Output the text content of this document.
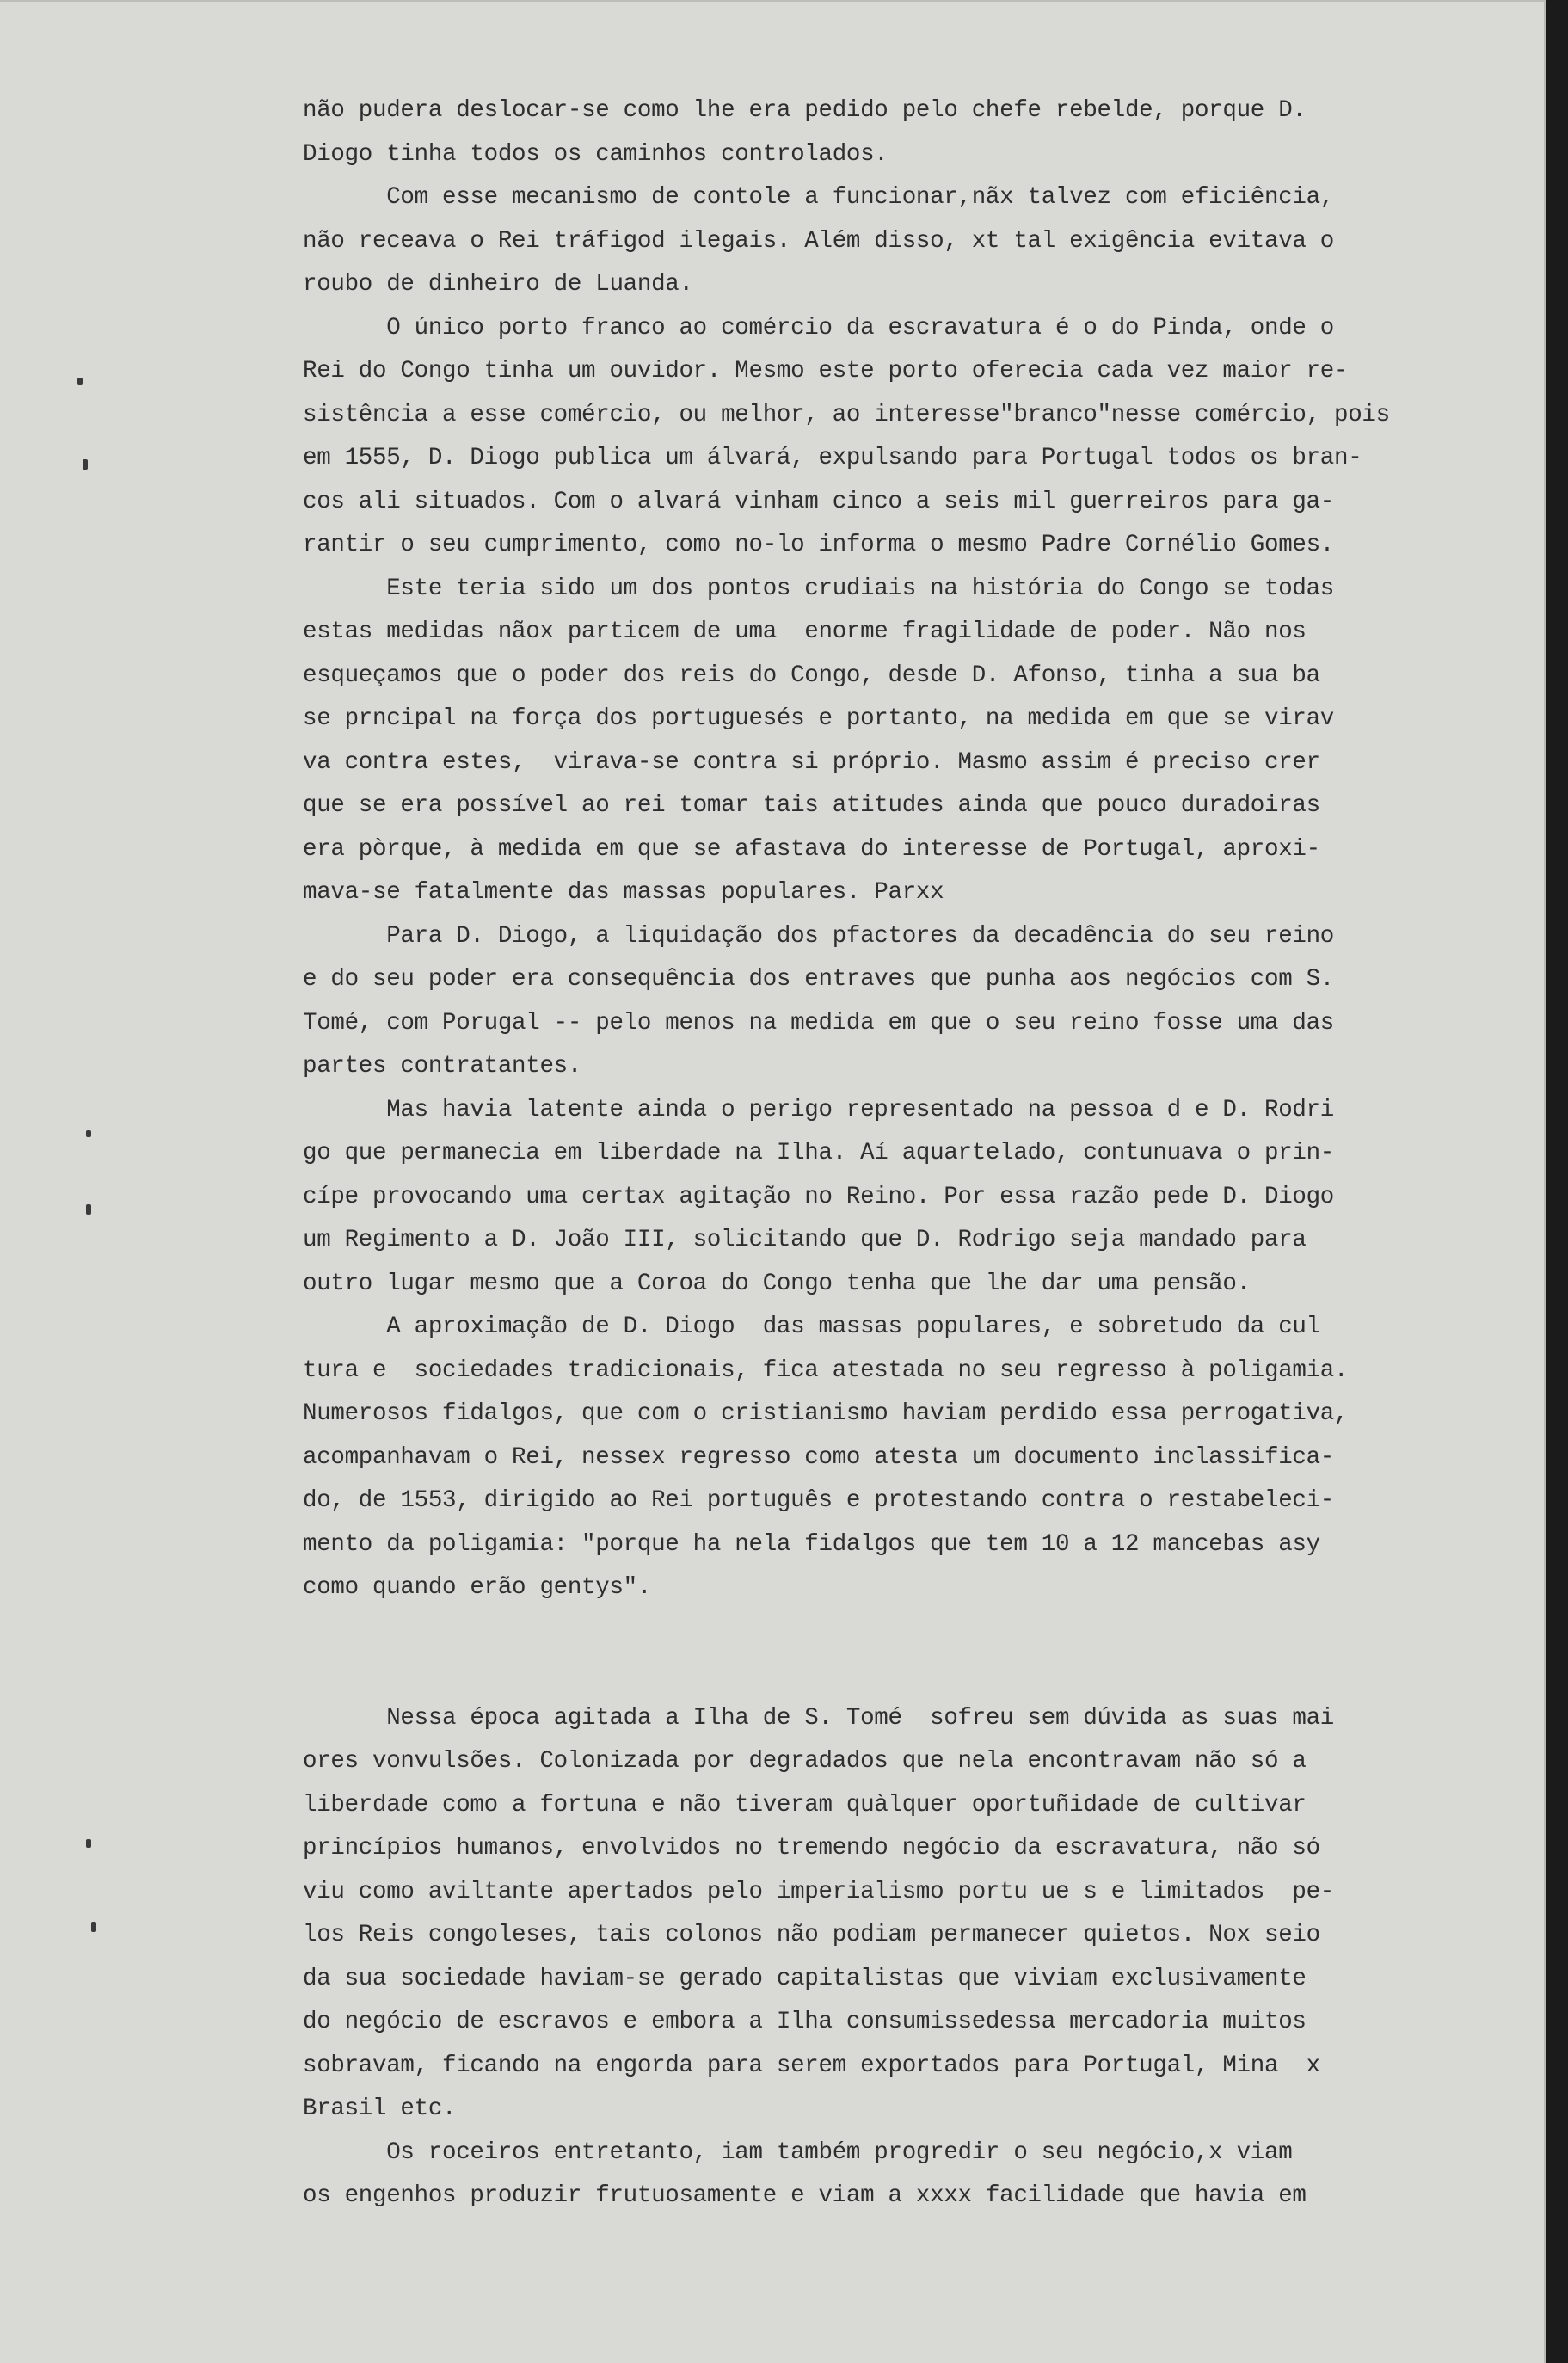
não pudera deslocar-se como lhe era pedido pelo chefe rebelde, porque D.
Diogo tinha todos os caminhos controlados.
Com esse mecanismo de contole a funcionar,nãx talvez com eficiência,
não receava o Rei tráfigod ilegais. Além disso, xt tal exigência evitava o
roubo de dinheiro de Luanda.
O único porto franco ao comércio da escravatura é o do Pinda, onde o
Rei do Congo tinha um ouvidor. Mesmo este porto oferecia cada vez maior re-
sistência a esse comércio, ou melhor, ao interesse"branco"nesse comércio, pois
em 1555, D. Diogo publica um álvará, expulsando para Portugal todos os bran-
cos ali situados. Com o alvará vinham cinco a seis mil guerreiros para ga-
rantir o seu cumprimento, como no-lo informa o mesmo Padre Cornélio Gomes.
Este teria sido um dos pontos crudiais na história do Congo se todas
estas medidas nãox particem de uma  enorme fragilidade de poder. Não nos
esqueçamos que o poder dos reis do Congo, desde D. Afonso, tinha a sua ba
se prncipal na força dos portuguesés e portanto, na medida em que se virav
va contra estes,  virava-se contra si próprio. Masmo assim é preciso crer
que se era possível ao rei tomar tais atitudes ainda que pouco duradoiras
era pòrque, à medida em que se afastava do interesse de Portugal, aproxi-
mava-se fatalmente das massas populares. Parxx
Para D. Diogo, a liquidação dos pfactores da decadência do seu reino
e do seu poder era consequência dos entraves que punha aos negócios com S.
Tomé, com Porugal -- pelo menos na medida em que o seu reino fosse uma das
partes contratantes.
Mas havia latente ainda o perigo representado na pessoa d e D. Rodri
go que permanecia em liberdade na Ilha. Aí aquartelado, contunuava o prin-
cípe provocando uma certax agitação no Reino. Por essa razão pede D. Diogo
um Regimento a D. João III, solicitando que D. Rodrigo seja mandado para
outro lugar mesmo que a Coroa do Congo tenha que lhe dar uma pensão.
A aproximação de D. Diogo  das massas populares, e sobretudo da cul
tura e  sociedades tradicionais, fica atestada no seu regresso à poligamia.
Numerosos fidalgos, que com o cristianismo haviam perdido essa perrogativa,
acompanhavam o Rei, nessex regresso como atesta um documento inclassifica-
do, de 1553, dirigido ao Rei português e protestando contra o restabeleci-
mento da poligamia: "porque ha nela fidalgos que tem 10 a 12 mancebas asy
como quando erão gentys".
Nessa época agitada a Ilha de S. Tomé  sofreu sem dúvida as suas mai
ores vonvulsões. Colonizada por degradados que nela encontravam não só a
liberdade como a fortuna e não tiveram quàlquer oportuñidade de cultivar
princípios humanos, envolvidos no tremendo negócio da escravatura, não só
viu como aviltante apertados pelo imperialismo portu ue s e limitados  pe-
los Reis congoleses, tais colonos não podiam permanecer quietos. Nox seio
da sua sociedade haviam-se gerado capitalistas que viviam exclusivamente
do negócio de escravos e embora a Ilha consumissedessa mercadoria muitos
sobravam, ficando na engorda para serem exportados para Portugal, Mina  x
Brasil etc.
Os roceiros entretanto, iam também progredir o seu negócio,x viam
os engenhos produzir frutuosamente e viam a xxxx facilidade que havia em
